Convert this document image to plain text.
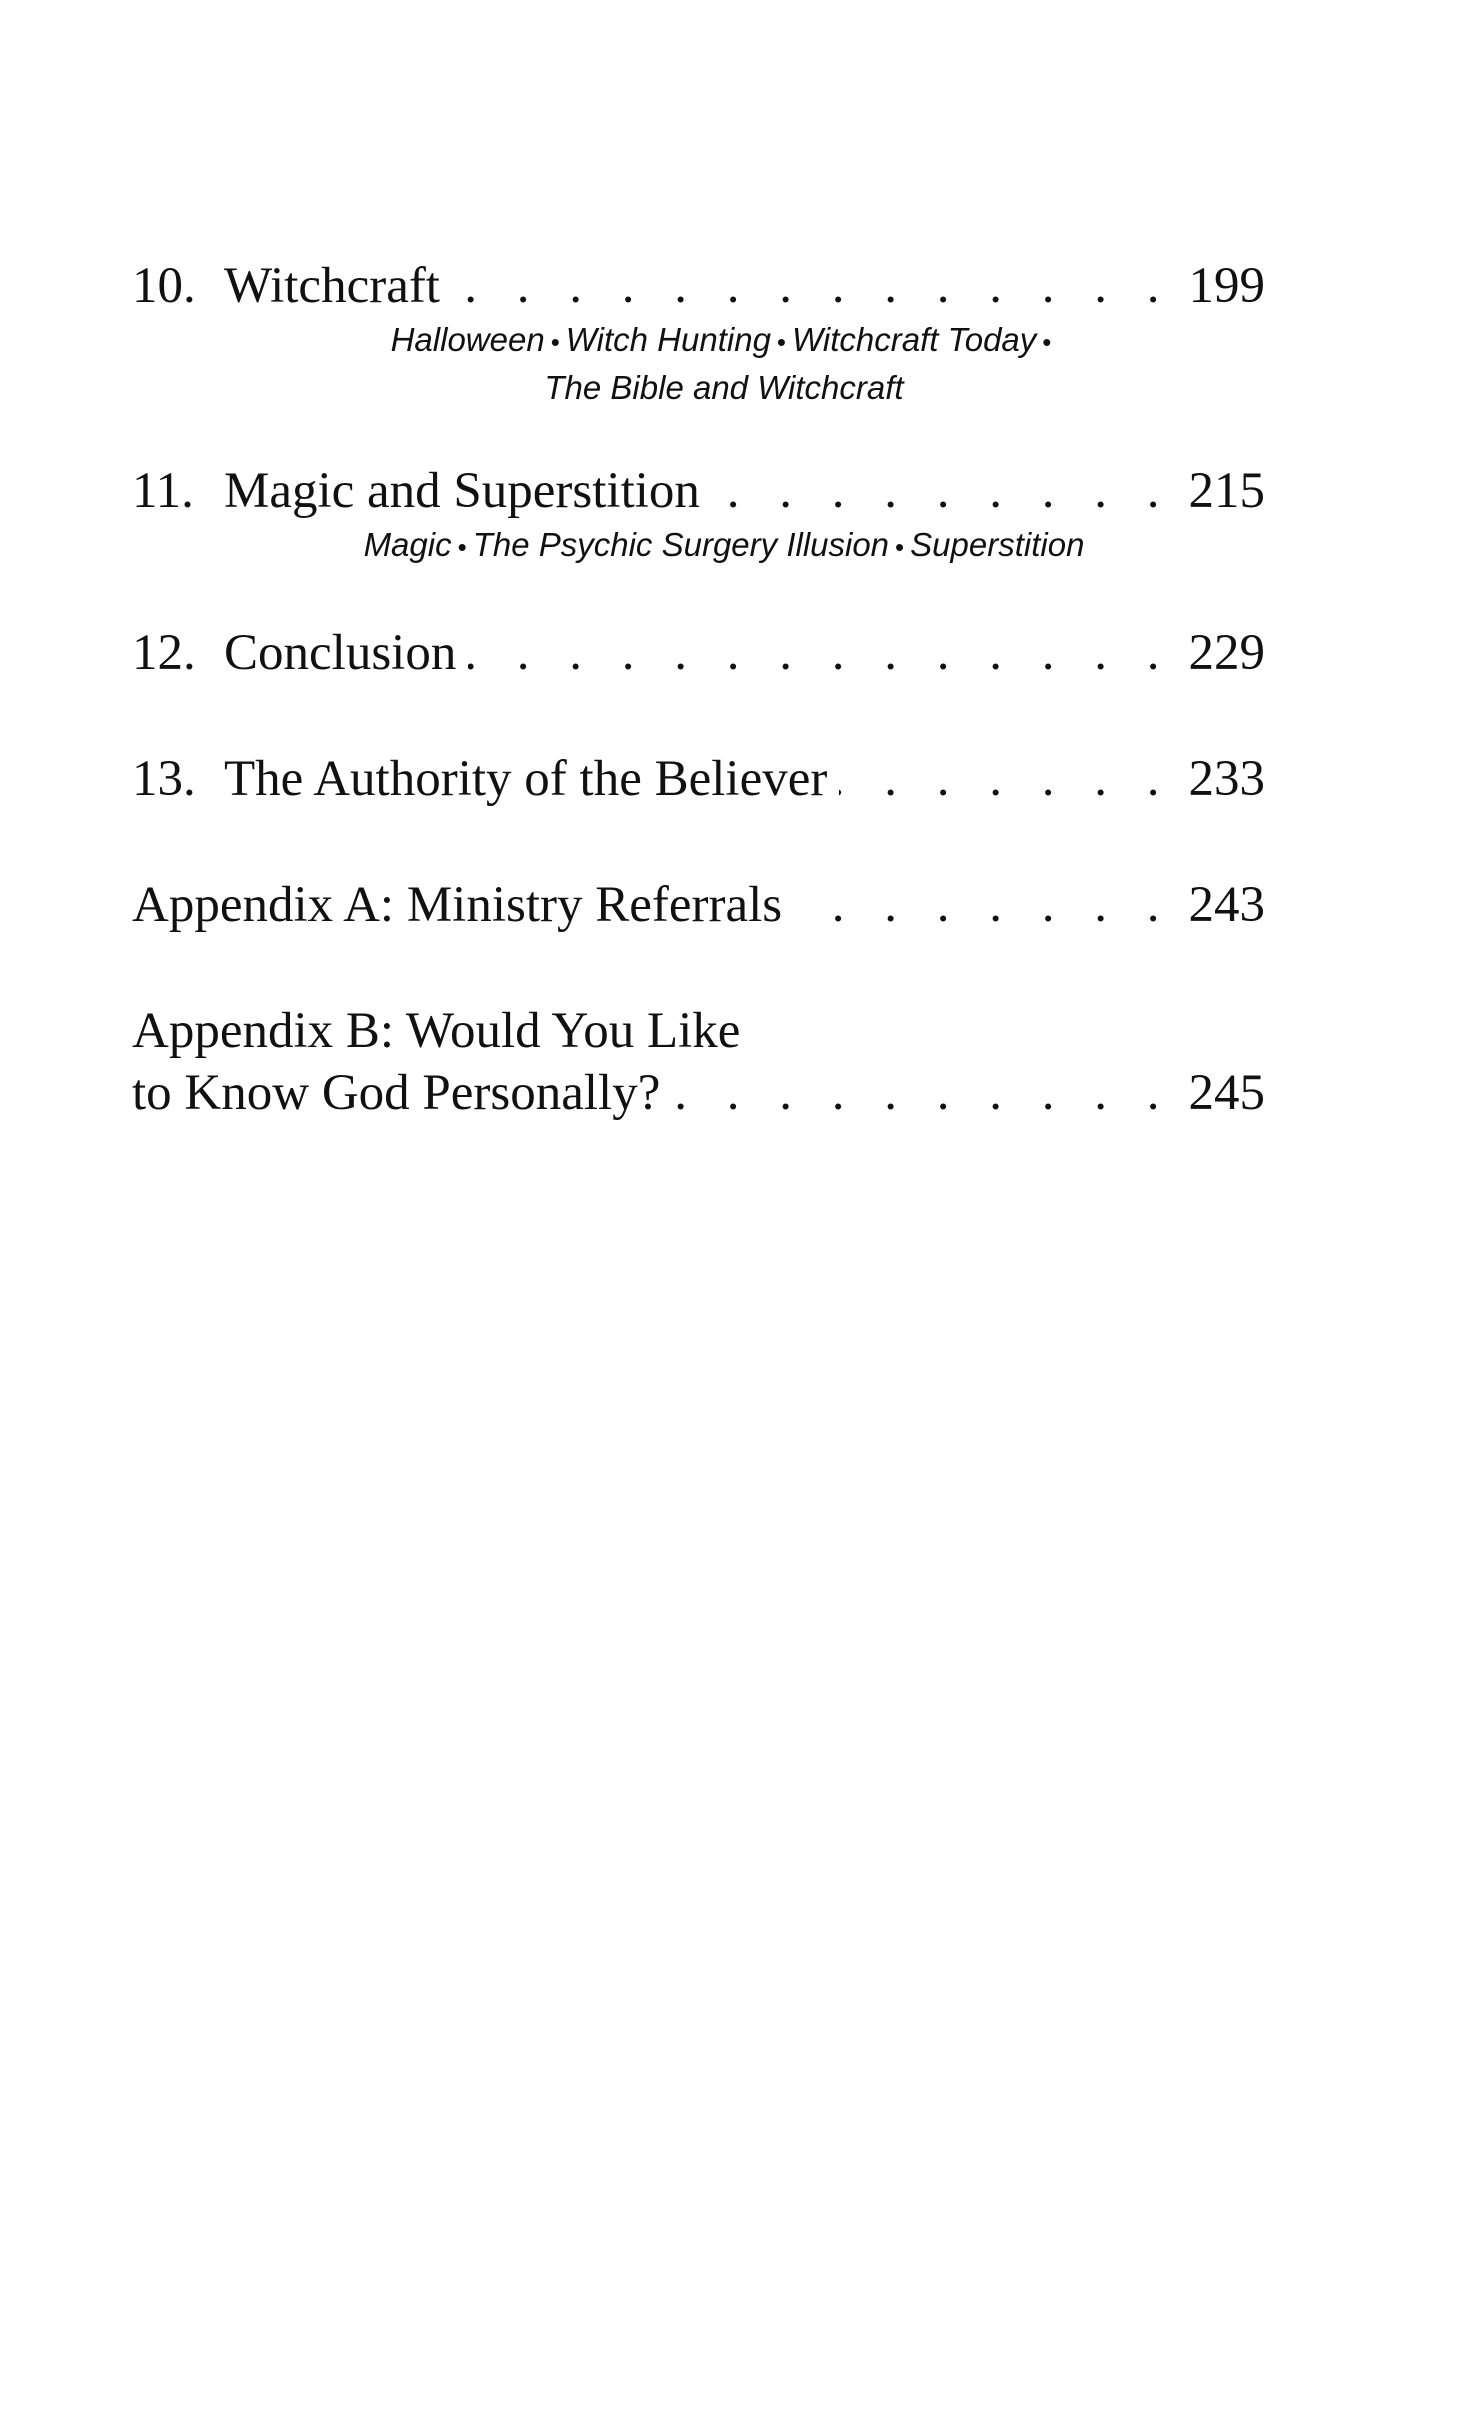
10. Witchcraft . . .	199
Halloween • Witch Hunting • Witchcraft Today •
The Bible and Witchcraft
11. Magic and Superstition . . .	215
Magic • The Psychic Surgery Illusion • Superstition
12. Conclusion . . .	229
13. The Authority of the Believer . . .	233
Appendix A: Ministry Referrals . . .	243
Appendix B: Would You Like
to Know God Personally? . . .	245
